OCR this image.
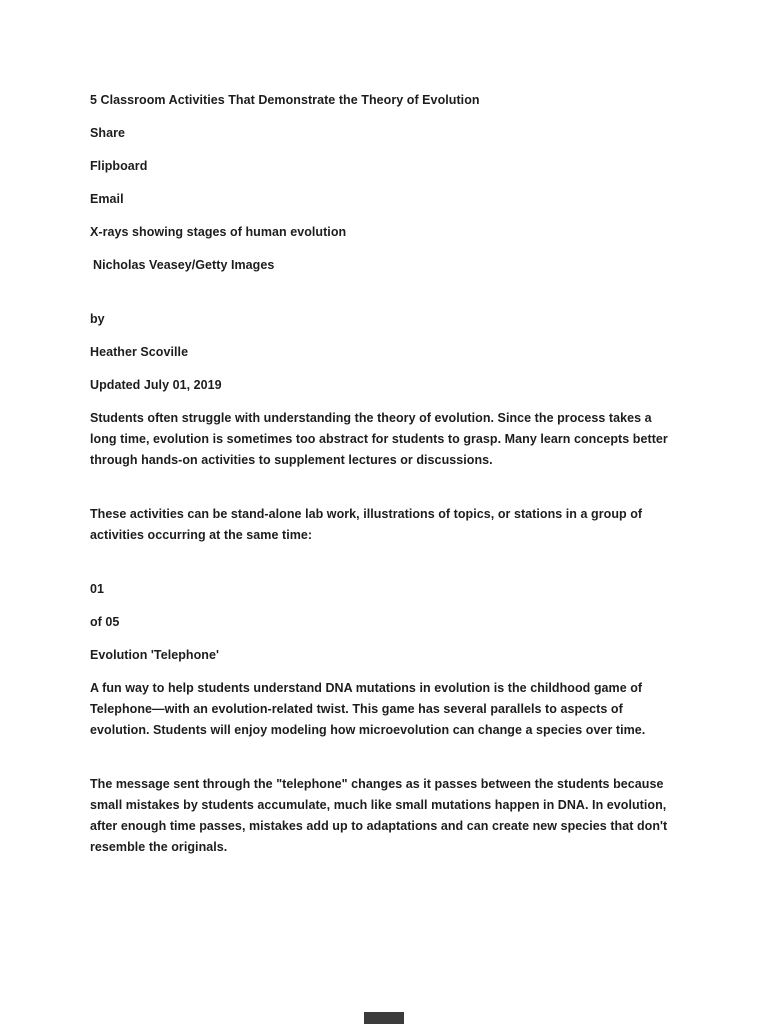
5 Classroom Activities That Demonstrate the Theory of Evolution

Share

Flipboard

Email

X-rays showing stages of human evolution

Nicholas Veasey/Getty Images

by

Heather Scoville

Updated July 01, 2019

Students often struggle with understanding the theory of evolution. Since the process takes a long time, evolution is sometimes too abstract for students to grasp. Many learn concepts better through hands-on activities to supplement lectures or discussions.

These activities can be stand-alone lab work, illustrations of topics, or stations in a group of activities occurring at the same time:

01

of 05

Evolution 'Telephone'

A fun way to help students understand DNA mutations in evolution is the childhood game of Telephone—with an evolution-related twist. This game has several parallels to aspects of evolution. Students will enjoy modeling how microevolution can change a species over time.

The message sent through the "telephone" changes as it passes between the students because small mistakes by students accumulate, much like small mutations happen in DNA. In evolution, after enough time passes, mistakes add up to adaptations and can create new species that don't resemble the originals.
